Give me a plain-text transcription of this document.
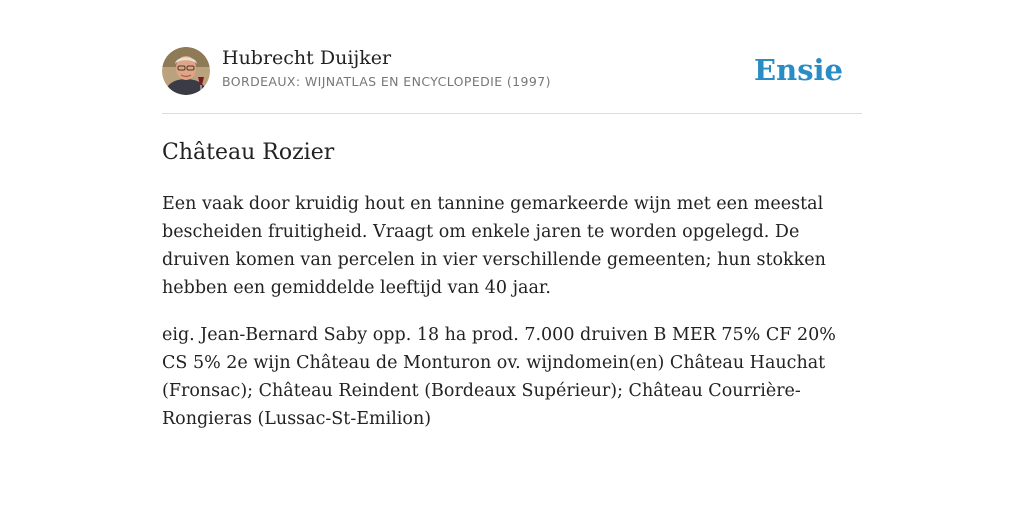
Hubrecht Duijker
BORDEAUX: WIJNATLAS EN ENCYCLOPEDIE (1997)	Ensie
Château Rozier

Een vaak door kruidig hout en tannine gemarkeerde wijn met een meestal bescheiden fruitigheid. Vraagt om enkele jaren te worden opgelegd. De druiven komen van percelen in vier verschillende gemeenten; hun stokken hebben een gemiddelde leeftijd van 40 jaar.

eig. Jean-Bernard Saby opp. 18 ha prod. 7.000 druiven B MER 75% CF 20% CS 5% 2e wijn Château de Monturon ov. wijndomein(en) Château Hauchat (Fronsac); Château Reindent (Bordeaux Supérieur); Château Courrière-Rongieras (Lussac-St-Emilion)
